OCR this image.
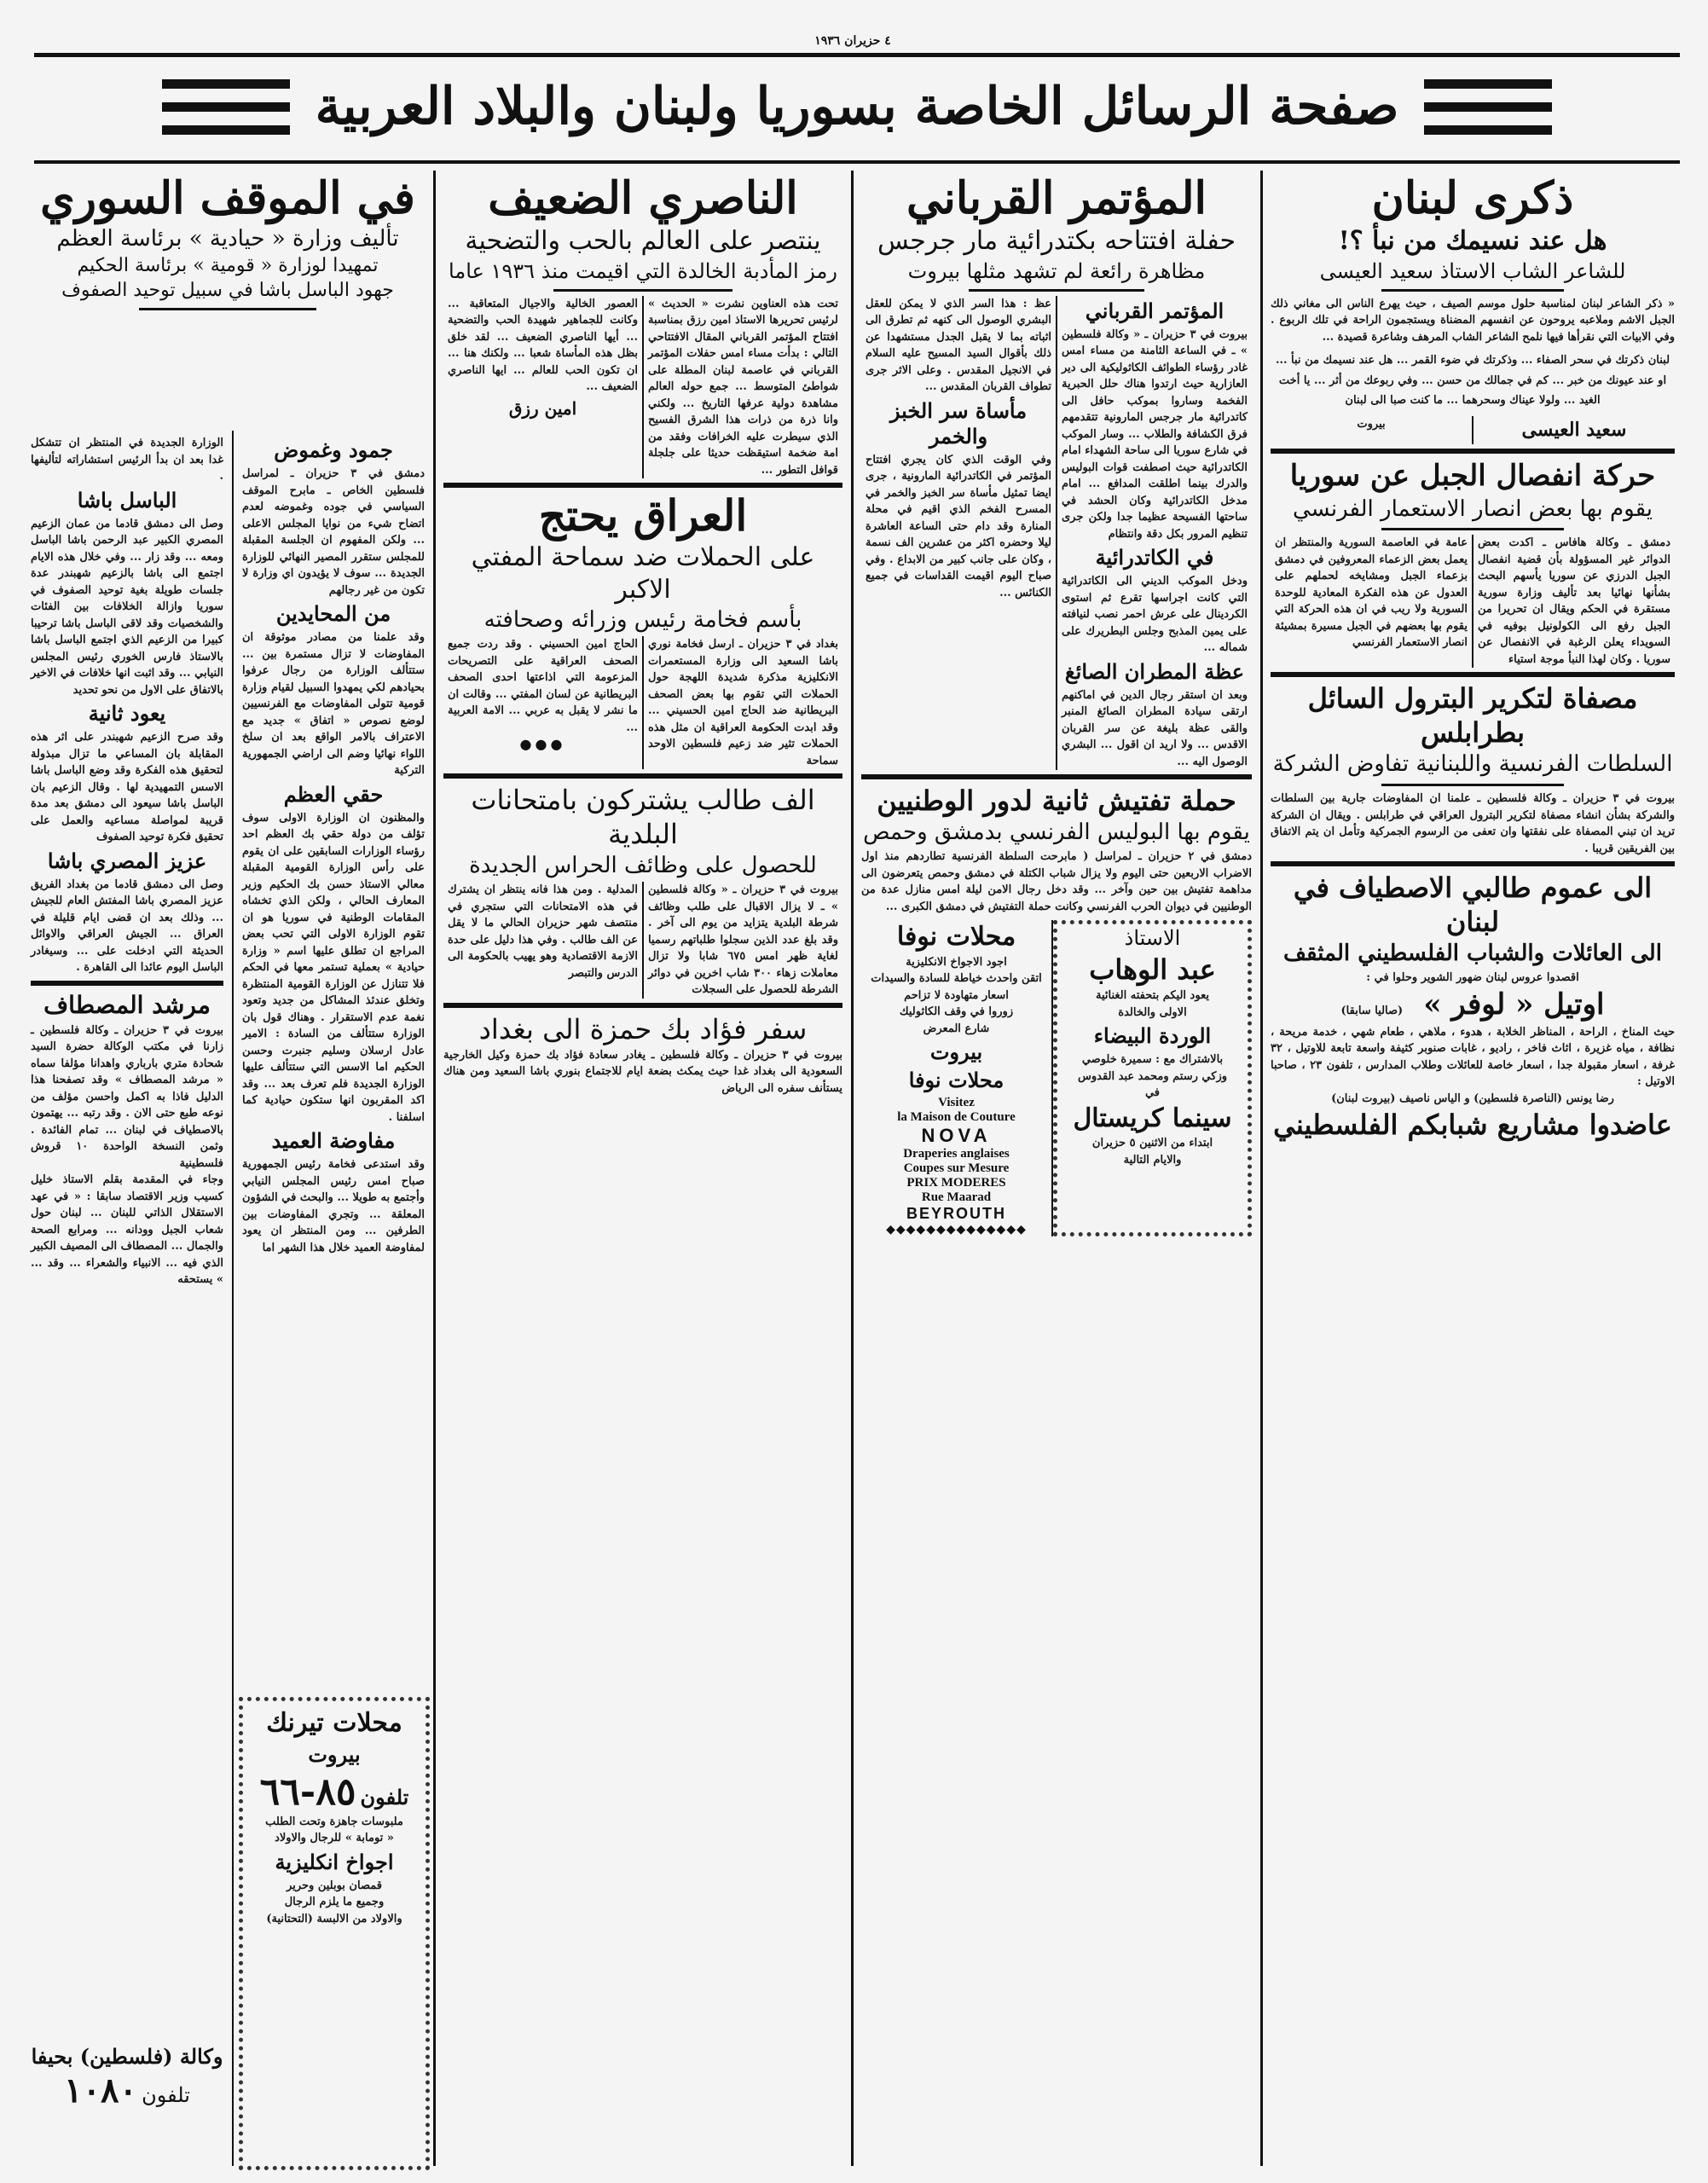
٤ حزيران ١٩٣٦
صفحة الرسائل الخاصة بسوريا ولبنان والبلاد العربية
ذكرى لبنان
هل عند نسيمك من نبأ ؟!
للشاعر الشاب الاستاذ سعيد العيسى
« ذكر الشاعر لبنان لمناسبة حلول موسم الصيف ، حيث يهرع الناس الى مغاني ذلك الجبل الاشم وملاعبه يروحون عن انفسهم المضناة ويستجمون الراحة في تلك الربوع . وفي الابيات التي نقرأها فيها نلمح الشاعر الشاب المرهف وشاعرة قصيدة ...
لبنان ذكرتك في سحر الصفاء ... وذكرتك في ضوء القمر ... هل عند نسيمك من نبأ ... او عند عيونك من خبر ... كم في جمالك من حسن ... وفي ربوعك من أثر ... يا أخت الغيد ... ولولا عيناك وسحرهما ... ما كنت صبا الى لبنان
سعيد العيسى
بيروت
حركة انفصال الجبل عن سوريا
يقوم بها بعض انصار الاستعمار الفرنسي
دمشق ـ وكالة هافاس ـ اكدت بعض الدوائر غير المسؤولة بأن قضية انفصال الجبل الدرزي عن سوريا يأسهم البحث بشأنها نهائيا بعد تأليف وزارة سورية مستقرة في الحكم ويقال ان تحريرا من الجبل رفع الى الكولونيل بوفيه في السويداء يعلن الرغبة في الانفصال عن سوريا . وكان لهذا النبأ موجة استياء
عامة في العاصمة السورية والمنتظر ان يعمل بعض الزعماء المعروفين في دمشق بزعماء الجبل ومشايخه لحملهم على العدول عن هذه الفكرة المعادية للوحدة السورية ولا ريب في ان هذه الحركة التي يقوم بها بعضهم في الجبل مسيرة بمشيئة انصار الاستعمار الفرنسي
مصفاة لتكرير البترول السائل بطرابلس
السلطات الفرنسية واللبنانية تفاوض الشركة
بيروت في ٣ حزيران ـ وكالة فلسطين ـ علمنا ان المفاوضات جارية بين السلطات والشركة بشأن انشاء مصفاة لتكرير البترول العراقي في طرابلس . ويقال ان الشركة تريد ان تبني المصفاة على نفقتها وان تعفى من الرسوم الجمركية وتأمل ان يتم الاتفاق بين الفريقين قريبا .
الى عموم طالبي الاصطياف في لبنان
الى العائلات والشباب الفلسطيني المثقف
اقصدوا عروس لبنان ضهور الشوير وحلوا في :
اوتيل « لوفر »
(صاليا سابقا)
حيث المناخ ، الراحة ، المناظر الخلابة ، هدوء ، ملاهي ، طعام شهي ، خدمة مريحة ، نظافة ، مياه غزيرة ، اثاث فاخر ، راديو ، غابات صنوبر كثيفة واسعة تابعة للاوتيل ، ٣٢ غرفة ، اسعار مقبولة جدا ، اسعار خاصة للعائلات وطلاب المدارس ، تلفون ٢٣ ، صاحبا الاوتيل :
رضا يونس (الناصرة فلسطين) و الياس ناصيف (بيروت لبنان)
عاضدوا مشاريع شبابكم الفلسطيني
المؤتمر القرباني
حفلة افتتاحه بكتدرائية مار جرجس
مظاهرة رائعة لم تشهد مثلها بيروت
المؤتمر القرباني
بيروت في ٣ حزيران ـ « وكالة فلسطين » ـ في الساعة الثامنة من مساء امس غادر رؤساء الطوائف الكاثوليكية الى دير العازارية حيث ارتدوا هناك حلل الحبرية الفخمة وساروا بموكب حافل الى كاتدرائية مار جرجس المارونية تتقدمهم فرق الكشافة والطلاب ... وسار الموكب في شارع سوريا الى ساحة الشهداء امام الكاتدرائية حيث اصطفت قوات البوليس والدرك بينما اطلقت المدافع ... امام مدخل الكاتدرائية وكان الحشد في ساحتها الفسيحة عظيما جدا ولكن جرى تنظيم المرور بكل دقة وانتظام
في الكاتدرائية
ودخل الموكب الديني الى الكاتدرائية التي كانت اجراسها تقرع ثم استوى الكردينال على عرش احمر نصب لنيافته على يمين المذبح وجلس البطريرك على شماله ...
عظة المطران الصائغ
وبعد ان استقر رجال الدين في اماكنهم ارتقى سيادة المطران الصائغ المنبر والقى عظة بليغة عن سر القربان الاقدس ... ولا اريد ان اقول ... البشري الوصول اليه ...
عظ : هذا السر الذي لا يمكن للعقل البشري الوصول الى كنهه ثم تطرق الى اثباته بما لا يقبل الجدل مستشهدا عن ذلك بأقوال السيد المسيح عليه السلام في الانجيل المقدس . وعلى الاثر جرى تطواف القربان المقدس ...
مأساة سر الخبز والخمر
وفي الوقت الذي كان يجري افتتاح المؤتمر في الكاتدرائية المارونية ، جرى ايضا تمثيل مأساة سر الخبز والخمر في المسرح الفخم الذي اقيم في محلة المنارة وقد دام حتى الساعة العاشرة ليلا وحضره اكثر من عشرين الف نسمة ، وكان على جانب كبير من الابداع . وفي صباح اليوم اقيمت القداسات في جميع الكنائس ...
حملة تفتيش ثانية لدور الوطنيين
يقوم بها البوليس الفرنسي بدمشق وحمص
دمشق في ٢ حزيران ـ لمراسل ( مابرحت السلطة الفرنسية تطاردهم منذ اول الاضراب الاربعين حتى اليوم ولا يزال شباب الكتلة في دمشق وحمص يتعرضون الى مداهمة تفتيش بين حين وآخر ... وقد دخل رجال الامن ليلة امس منازل عدة من الوطنيين في ديوان الحرب الفرنسي وكانت حملة التفتيش في دمشق الكبرى ...
الاستاذ
عبد الوهاب
يعود اليكم بتحفته الغنائية
الاولى والخالدة
الوردة البيضاء
بالاشتراك مع : سميرة خلوصي
وزكي رستم ومحمد عبد القدوس
في
سينما كريستال
ابتداء من الاثنين ٥ حزيران
والايام التالية
محلات نوفا
اجود الاجواخ الانكليزية
اتقن واحدث خياطة للسادة والسيدات
اسعار متهاودة لا تزاحم
زوروا في وقف الكاثوليك
شارع المعرض
بيروت
محلات نوفا
Visitez
la Maison de Couture
NOVA
Draperies anglaises
Coupes sur Mesure
PRIX MODERES
Rue Maarad
BEYROUTH
◆◆◆◆◆◆◆◆◆◆◆◆◆◆
الناصري الضعيف
ينتصر على العالم بالحب والتضحية
رمز المأدبة الخالدة التي اقيمت منذ ١٩٣٦ عاما
تحت هذه العناوين نشرت « الحديث » لرئيس تحريرها الاستاذ امين رزق بمناسبة افتتاح المؤتمر القرباني المقال الافتتاحي التالي : بدأت مساء امس حفلات المؤتمر القرباني في عاصمة لبنان المطلة على شواطئ المتوسط ... جمع حوله العالم مشاهدة دولية عرفها التاريخ ... ولكني وانا ذرة من ذرات هذا الشرق الفسيح الذي سيطرت عليه الخرافات وفقد من امة ضخمة استيقظت حديثا على جلجلة قوافل التطور ...
العصور الخالية والاجيال المتعاقبة ... وكانت للجماهير شهيدة الحب والتضحية ... أيها الناصري الضعيف ... لقد خلق بظل هذه المأساة شعبا ... ولكنك هنا ... ان تكون الحب للعالم ... ايها الناصري الضعيف ...
امين رزق
العراق يحتج
على الحملات ضد سماحة المفتي الاكبر
بأسم فخامة رئيس وزرائه وصحافته
بغداد في ٣ حزيران ـ ارسل فخامة نوري باشا السعيد الى وزارة المستعمرات الانكليزية مذكرة شديدة اللهجة حول الحملات التي تقوم بها بعض الصحف البريطانية ضد الحاج امين الحسيني ... وقد ابدت الحكومة العراقية ان مثل هذه الحملات تثير ضد زعيم فلسطين الاوحد سماحة
الحاج امين الحسيني . وقد ردت جميع الصحف العراقية على التصريحات المزعومة التي اذاعتها احدى الصحف البريطانية عن لسان المفتي ... وقالت ان ما نشر لا يقبل به عربي ... الامة العربية ...
●●●
الف طالب يشتركون بامتحانات البلدية
للحصول على وظائف الحراس الجديدة
بيروت في ٣ حزيران ـ « وكالة فلسطين » ـ لا يزال الاقبال على طلب وظائف شرطة البلدية يتزايد من يوم الى آخر . وقد بلغ عدد الذين سجلوا طلباتهم رسميا لغاية ظهر امس ٦٧٥ شابا ولا تزال معاملات زهاء ٣٠٠ شاب اخرين في دوائر الشرطة للحصول على السجلات
المدلية . ومن هذا فانه ينتظر ان يشترك في هذه الامتحانات التي ستجري في منتصف شهر حزيران الحالي ما لا يقل عن الف طالب . وفي هذا دليل على حدة الازمة الاقتصادية وهو يهيب بالحكومة الى الدرس والتبصر
سفر فؤاد بك حمزة الى بغداد
بيروت في ٣ حزيران ـ وكالة فلسطين ـ يغادر سعادة فؤاد بك حمزة وكيل الخارجية السعودية الى بغداد غدا حيث يمكث بضعة ايام للاجتماع بنوري باشا السعيد ومن هناك يستأنف سفره الى الرياض
في الموقف السوري
تأليف وزارة « حيادية » برئاسة العظم
تمهيدا لوزارة « قومية » برئاسة الحكيم
جهود الباسل باشا في سبيل توحيد الصفوف
جمود وغموض
دمشق في ٣ حزيران ـ لمراسل فلسطين الخاص ـ مابرح الموقف السياسي في جوده وغموضه لعدم اتضاح شيء من نوايا المجلس الاعلى ... ولكن المفهوم ان الجلسة المقبلة للمجلس ستقرر المصير النهائي للوزارة الجديدة ... سوف لا يؤيدون اي وزارة لا تكون من غير رجالهم
من المحايدين
وقد علمنا من مصادر موثوقة ان المفاوضات لا تزال مستمرة بين ... ستتألف الوزارة من رجال عرفوا بحيادهم لكي يمهدوا السبيل لقيام وزارة قومية تتولى المفاوضات مع الفرنسيين لوضع نصوص « اتفاق » جديد مع الاعتراف بالامر الواقع بعد ان سلخ اللواء نهائيا وضم الى اراضي الجمهورية التركية
حقي العظم
والمظنون ان الوزارة الاولى سوف تؤلف من دولة حقي بك العظم احد رؤساء الوزارات السابقين على ان يقوم على رأس الوزارة القومية المقبلة معالي الاستاذ حسن بك الحكيم وزير المعارف الحالي ، ولكن الذي تخشاه المقامات الوطنية في سوريا هو ان تقوم الوزارة الاولى التي تحب بعض المراجع ان تطلق عليها اسم « وزارة حيادية » بعملية تستمر معها في الحكم فلا تتنازل عن الوزارة القومية المنتظرة وتخلق عندئذ المشاكل من جديد وتعود نغمة عدم الاستقرار . وهناك قول بان الوزارة ستتألف من السادة : الامير عادل ارسلان وسليم جنبرت وحسن الحكيم اما الاسس التي ستتألف عليها الوزارة الجديدة فلم تعرف بعد ... وقد اكد المقربون انها ستكون حيادية كما اسلفنا .
مفاوضة العميد
وقد استدعى فخامة رئيس الجمهورية صباح امس رئيس المجلس النيابي وأجتمع به طويلا ... والبحث في الشؤون المعلقة ... وتجري المفاوضات بين الطرفين ... ومن المنتظر ان يعود لمفاوضة العميد خلال هذا الشهر اما
محلات تيرنك
بيروت
تلفون ٨٥-٦٦
ملبوسات جاهزة وتحت الطلب
« تومابة » للرجال والاولاد
اجواخ انكليزية
قمصان بوبلين وحرير
وجميع ما يلزم الرجال
والاولاد من الالبسة (التحتانية)
الوزارة الجديدة في المنتظر ان تتشكل غدا بعد ان بدأ الرئيس استشاراته لتأليفها .
الباسل باشا
وصل الى دمشق قادما من عمان الزعيم المصري الكبير عبد الرحمن باشا الباسل ومعه ... وقد زار ... وفي خلال هذه الايام اجتمع الى باشا بالزعيم شهبندر عدة جلسات طويلة بغية توحيد الصفوف في سوريا وازالة الخلافات بين الفئات والشخصيات وقد لاقى الباسل باشا ترحيبا كبيرا من الزعيم الذي اجتمع الباسل باشا بالاستاذ فارس الخوري رئيس المجلس النيابي ... وقد اثبت انها خلافات في الاخير بالاتفاق على الاول من نحو تحديد
يعود ثانية
وقد صرح الزعيم شهبندر على اثر هذه المقابلة بان المساعي ما تزال مبذولة لتحقيق هذه الفكرة وقد وضع الباسل باشا الاسس التمهيدية لها . وقال الزعيم بان الباسل باشا سيعود الى دمشق بعد مدة قريبة لمواصلة مساعيه والعمل على تحقيق فكرة توحيد الصفوف
عزيز المصري باشا
وصل الى دمشق قادما من بغداد الفريق عزيز المصري باشا المفتش العام للجيش ... وذلك بعد ان قضى ايام قليلة في العراق ... الجيش العراقي والاوائل الحديثة التي ادخلت على ... وسيغادر الباسل اليوم عائدا الى القاهرة .
مرشد المصطاف
بيروت في ٣ حزيران ـ وكالة فلسطين ـ زارنا في مكتب الوكالة حضرة السيد شحادة متري بارباري واهدانا مؤلفا سماه « مرشد المصطاف » وقد تصفحنا هذا الدليل فاذا به اكمل واحسن مؤلف من نوعه طبع حتى الان . وقد رتبه ... يهتمون بالاصطياف في لبنان ... تمام الفائدة . وثمن النسخة الواحدة ١٠ قروش فلسطينية
وجاء في المقدمة بقلم الاستاذ خليل كسيب وزير الاقتصاد سابقا : « في عهد الاستقلال الذاتي للبنان ... لبنان حول شعاب الجبل وودانه ... ومرابع الصحة والجمال ... المصطاف الى المصيف الكبير الذي فيه ... الانبياء والشعراء ... وقد ... » يستحقه
وكالة (فلسطين) بحيفا
تلفون ١٠٨٠
